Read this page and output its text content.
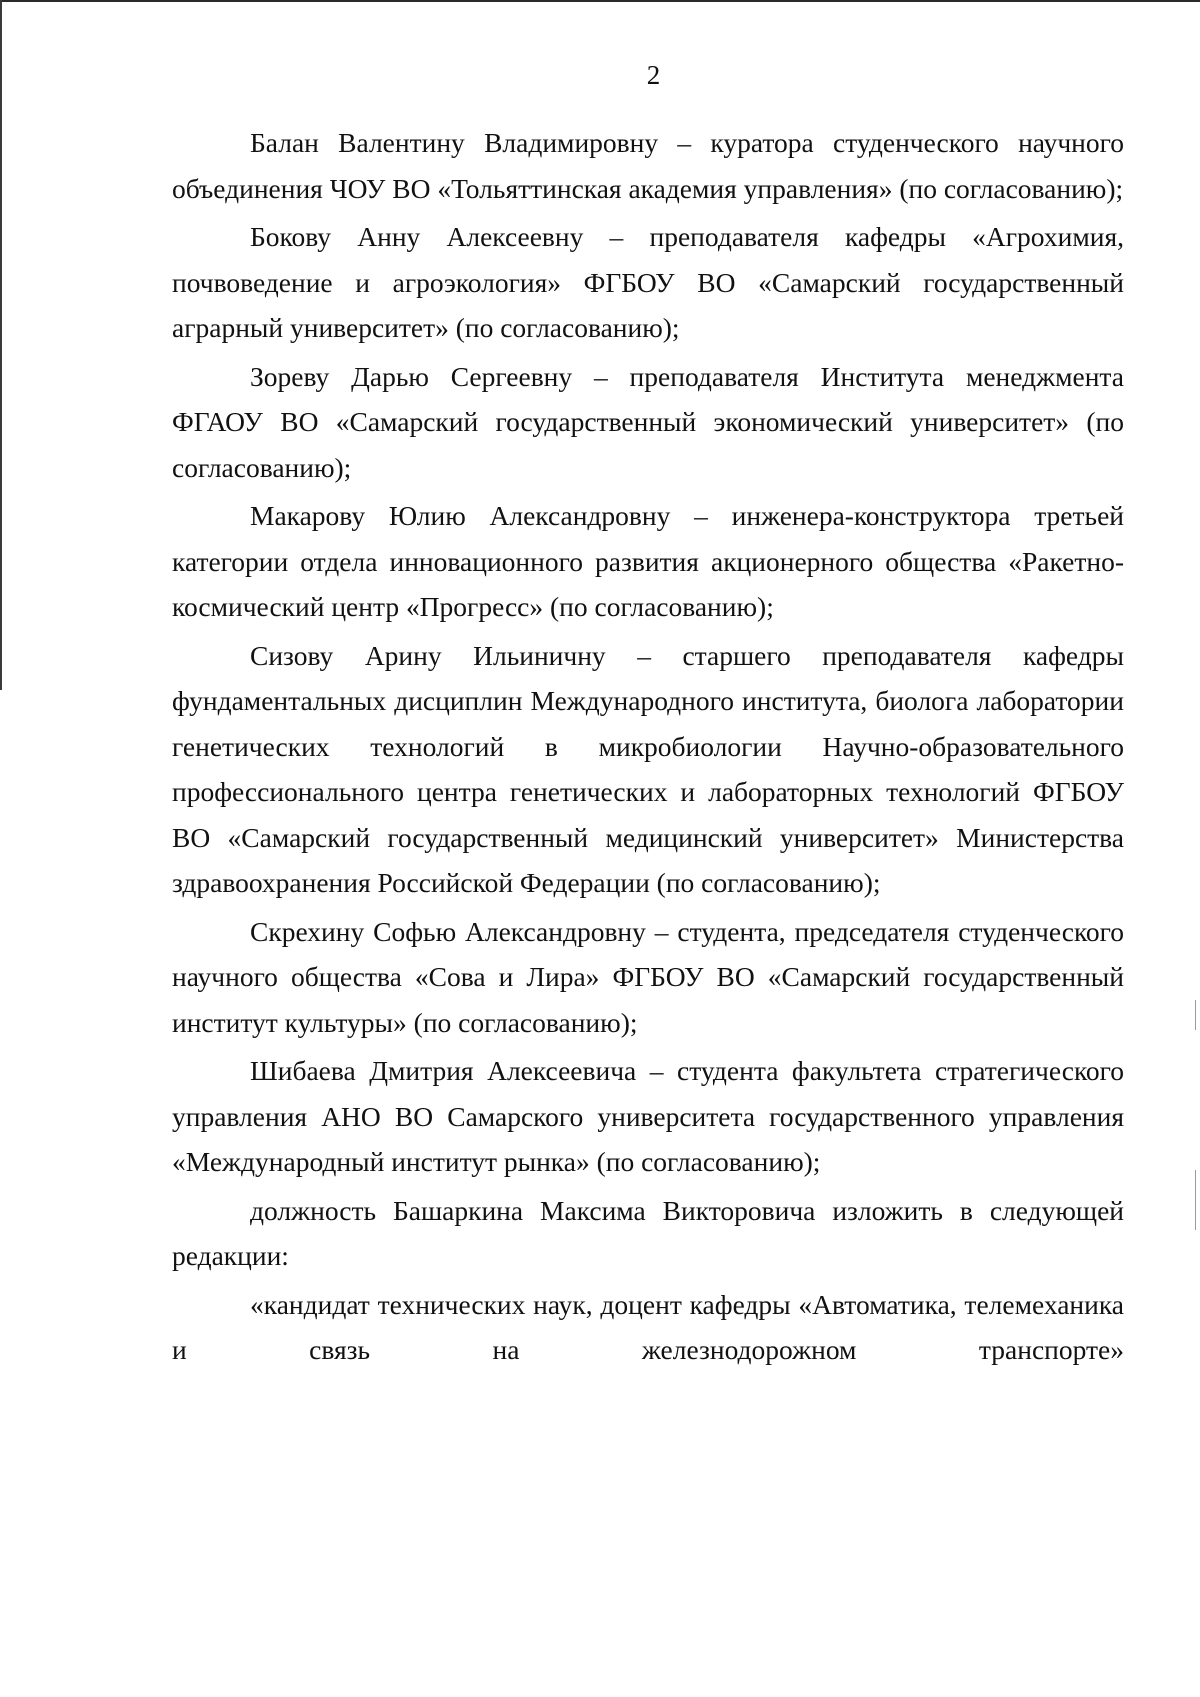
2

Балан Валентину Владимировну – куратора студенческого научного объединения ЧОУ ВО «Тольяттинская академия управления» (по согласованию);

Бокову Анну Алексеевну – преподавателя кафедры «Агрохимия, почвоведение и агроэкология» ФГБОУ ВО «Самарский государственный аграрный университет» (по согласованию);

Зореву Дарью Сергеевну – преподавателя Института менеджмента ФГАОУ ВО «Самарский государственный экономический университет» (по согласованию);

Макарову Юлию Александровну – инженера-конструктора третьей категории отдела инновационного развития акционерного общества «Ракетно-космический центр «Прогресс» (по согласованию);

Сизову Арину Ильиничну – старшего преподавателя кафедры фундаментальных дисциплин Международного института, биолога лаборатории генетических технологий в микробиологии Научно-образовательного профессионального центра генетических и лабораторных технологий ФГБОУ ВО «Самарский государственный медицинский университет» Министерства здравоохранения Российской Федерации (по согласованию);

Скрехину Софью Александровну – студента, председателя студенческого научного общества «Сова и Лира» ФГБОУ ВО «Самарский государственный институт культуры» (по согласованию);

Шибаева Дмитрия Алексеевича – студента факультета стратегического управления АНО ВО Самарского университета государственного управления «Международный институт рынка» (по согласованию);

должность Башаркина Максима Викторовича изложить в следующей редакции:

«кандидат технических наук, доцент кафедры «Автоматика, телемеханика и связь на железнодорожном транспорте»
